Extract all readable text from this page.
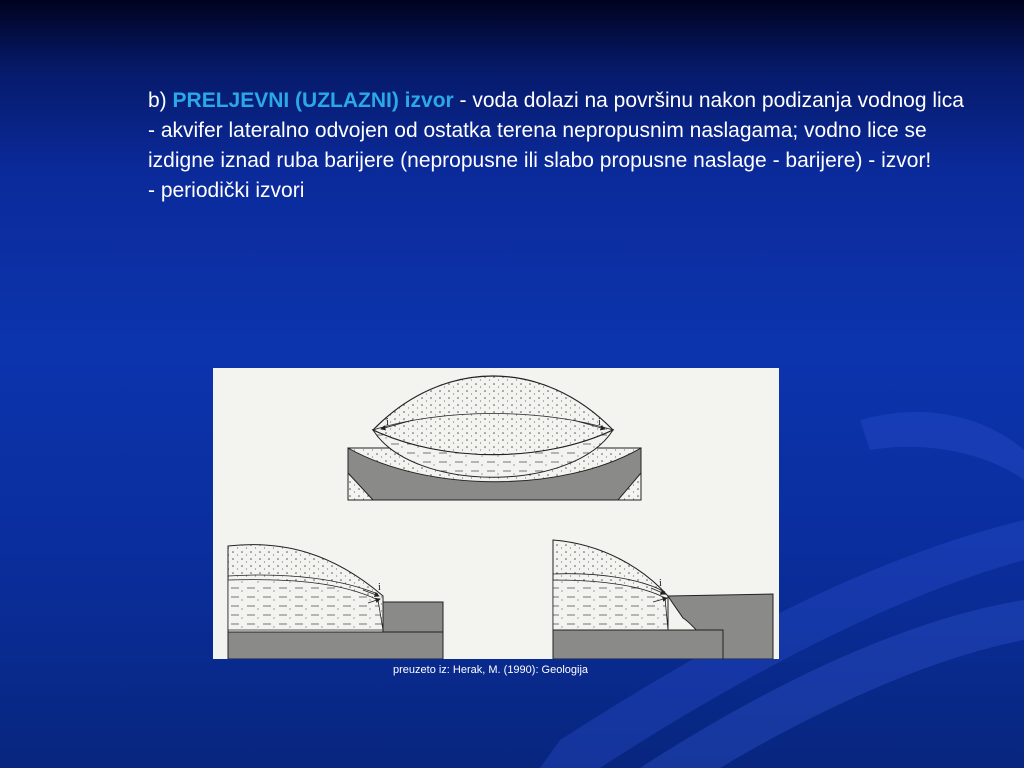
b) PRELJEVNI (UZLAZNI) izvor - voda dolazi na površinu nakon podizanja vodnog lica

- akvifer lateralno odvojen od ostatka terena nepropusnim naslagama; vodno lice se izdigne iznad ruba barijere (nepropusne ili slabo propusne naslage - barijere) - izvor!

- periodički izvori

i	i
i	i
preuzeto iz: Herak, M. (1990): Geologija
